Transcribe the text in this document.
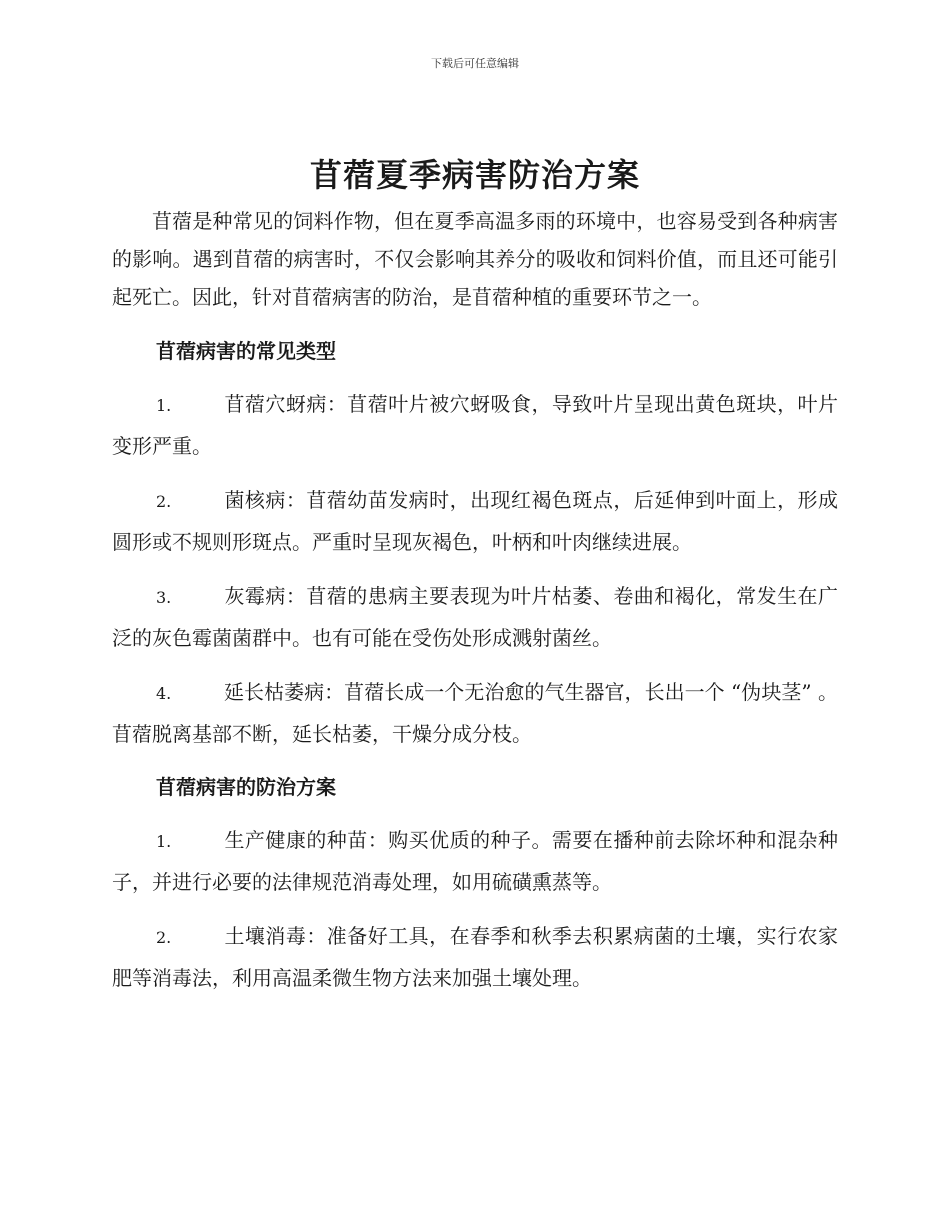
下载后可任意编辑
苜蓿夏季病害防治方案

苜蓿是种常见的饲料作物，但在夏季高温多雨的环境中，也容易受到各种病害的影响。遇到苜蓿的病害时，不仅会影响其养分的吸收和饲料价值，而且还可能引起死亡。因此，针对苜蓿病害的防治，是苜蓿种植的重要环节之一。

苜蓿病害的常见类型

1.	苜蓿穴蚜病：苜蓿叶片被穴蚜吸食，导致叶片呈现出黄色斑块，叶片变形严重。

2.	菌核病：苜蓿幼苗发病时，出现红褐色斑点，后延伸到叶面上，形成圆形或不规则形斑点。严重时呈现灰褐色，叶柄和叶肉继续进展。

3.	灰霉病：苜蓿的患病主要表现为叶片枯萎、卷曲和褐化，常发生在广泛的灰色霉菌菌群中。也有可能在受伤处形成溅射菌丝。

4.	延长枯萎病：苜蓿长成一个无治愈的气生器官，长出一个 “伪块茎” 。苜蓿脱离基部不断，延长枯萎，干燥分成分枝。

苜蓿病害的防治方案

1.	生产健康的种苗：购买优质的种子。需要在播种前去除坏种和混杂种子，并进行必要的法律规范消毒处理，如用硫磺熏蒸等。

2.	土壤消毒：准备好工具，在春季和秋季去积累病菌的土壤，实行农家肥等消毒法，利用高温柔微生物方法来加强土壤处理。
